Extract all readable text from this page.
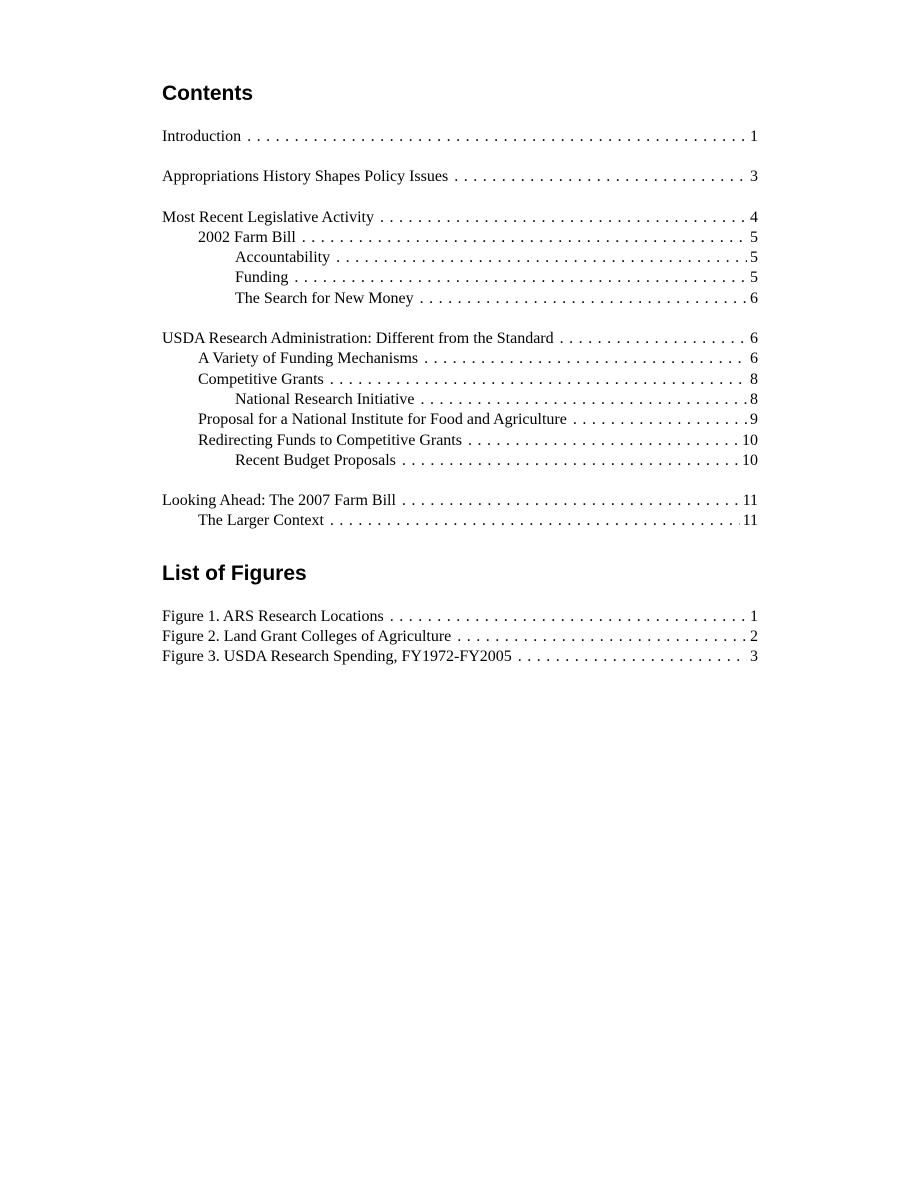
Contents
Introduction . . .	1
Appropriations History Shapes Policy Issues . . .	3
Most Recent Legislative Activity . . .	4
2002 Farm Bill . . .	5
Accountability . . .	5
Funding . . .	5
The Search for New Money . . .	6
USDA Research Administration: Different from the Standard . . .	6
A Variety of Funding Mechanisms . . .	6
Competitive Grants . . .	8
National Research Initiative . . .	8
Proposal for a National Institute for Food and Agriculture . . .	9
Redirecting Funds to Competitive Grants . . .	10
Recent Budget Proposals . . .	10
Looking Ahead: The 2007 Farm Bill . . .	11
The Larger Context . . .	11
List of Figures
Figure 1. ARS Research Locations . . .	1
Figure 2. Land Grant Colleges of Agriculture . . .	2
Figure 3. USDA Research Spending, FY1972-FY2005 . . .	3
